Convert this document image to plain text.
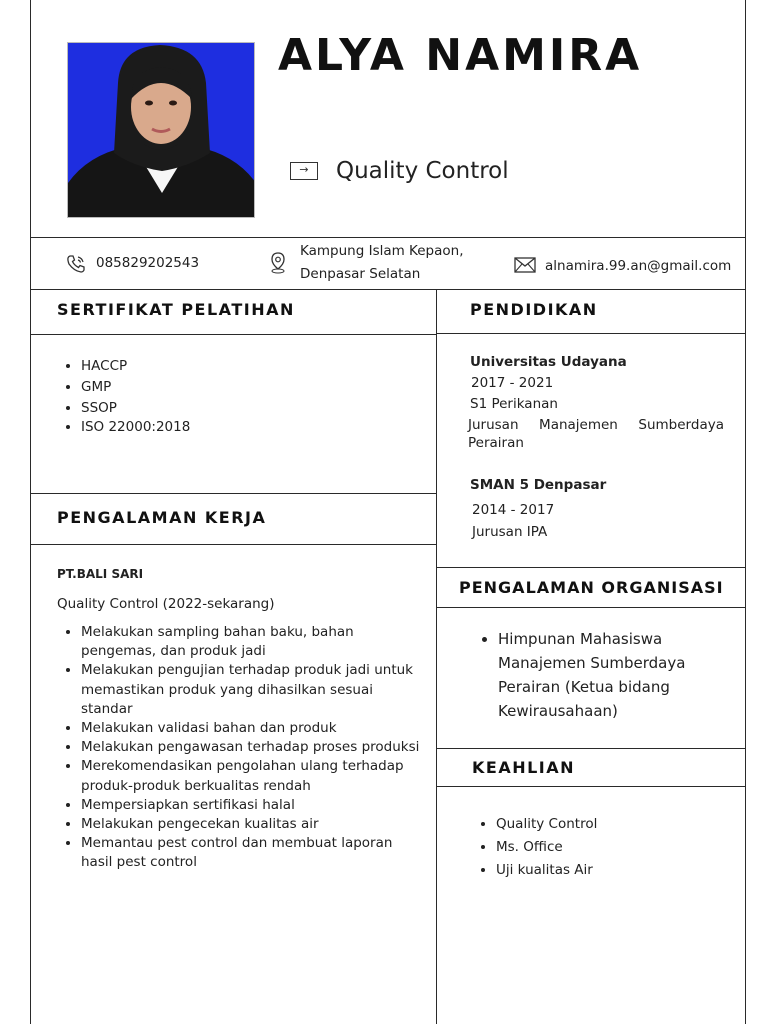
ALYA NAMIRA
→	Quality Control
085829202543
Kampung Islam Kepaon,
Denpasar Selatan	alnamira.99.an@gmail.com
SERTIFIKAT PELATIHAN
• HACCP
• GMP
• SSOP
• ISO 22000:2018
PENDIDIKAN
Universitas Udayana
2017 - 2021
S1 Perikanan
Jurusan Manajemen Sumberdaya
Perairan
SMAN 5 Denpasar
2014 - 2017
Jurusan IPA
PENGALAMAN KERJA
PT.BALI SARI
Quality Control (2022-sekarang)
• Melakukan sampling bahan baku, bahan pengemas, dan produk jadi
• Melakukan pengujian terhadap produk jadi untuk memastikan produk yang dihasilkan sesuai standar
• Melakukan validasi bahan dan produk
• Melakukan pengawasan terhadap proses produksi
• Merekomendasikan pengolahan ulang terhadap produk-produk berkualitas rendah
• Mempersiapkan sertifikasi halal
• Melakukan pengecekan kualitas air
• Memantau pest control dan membuat laporan hasil pest control
PENGALAMAN ORGANISASI
• Himpunan Mahasiswa Manajemen Sumberdaya Perairan (Ketua bidang Kewirausahaan)
KEAHLIAN
• Quality Control
• Ms. Office
• Uji kualitas Air
